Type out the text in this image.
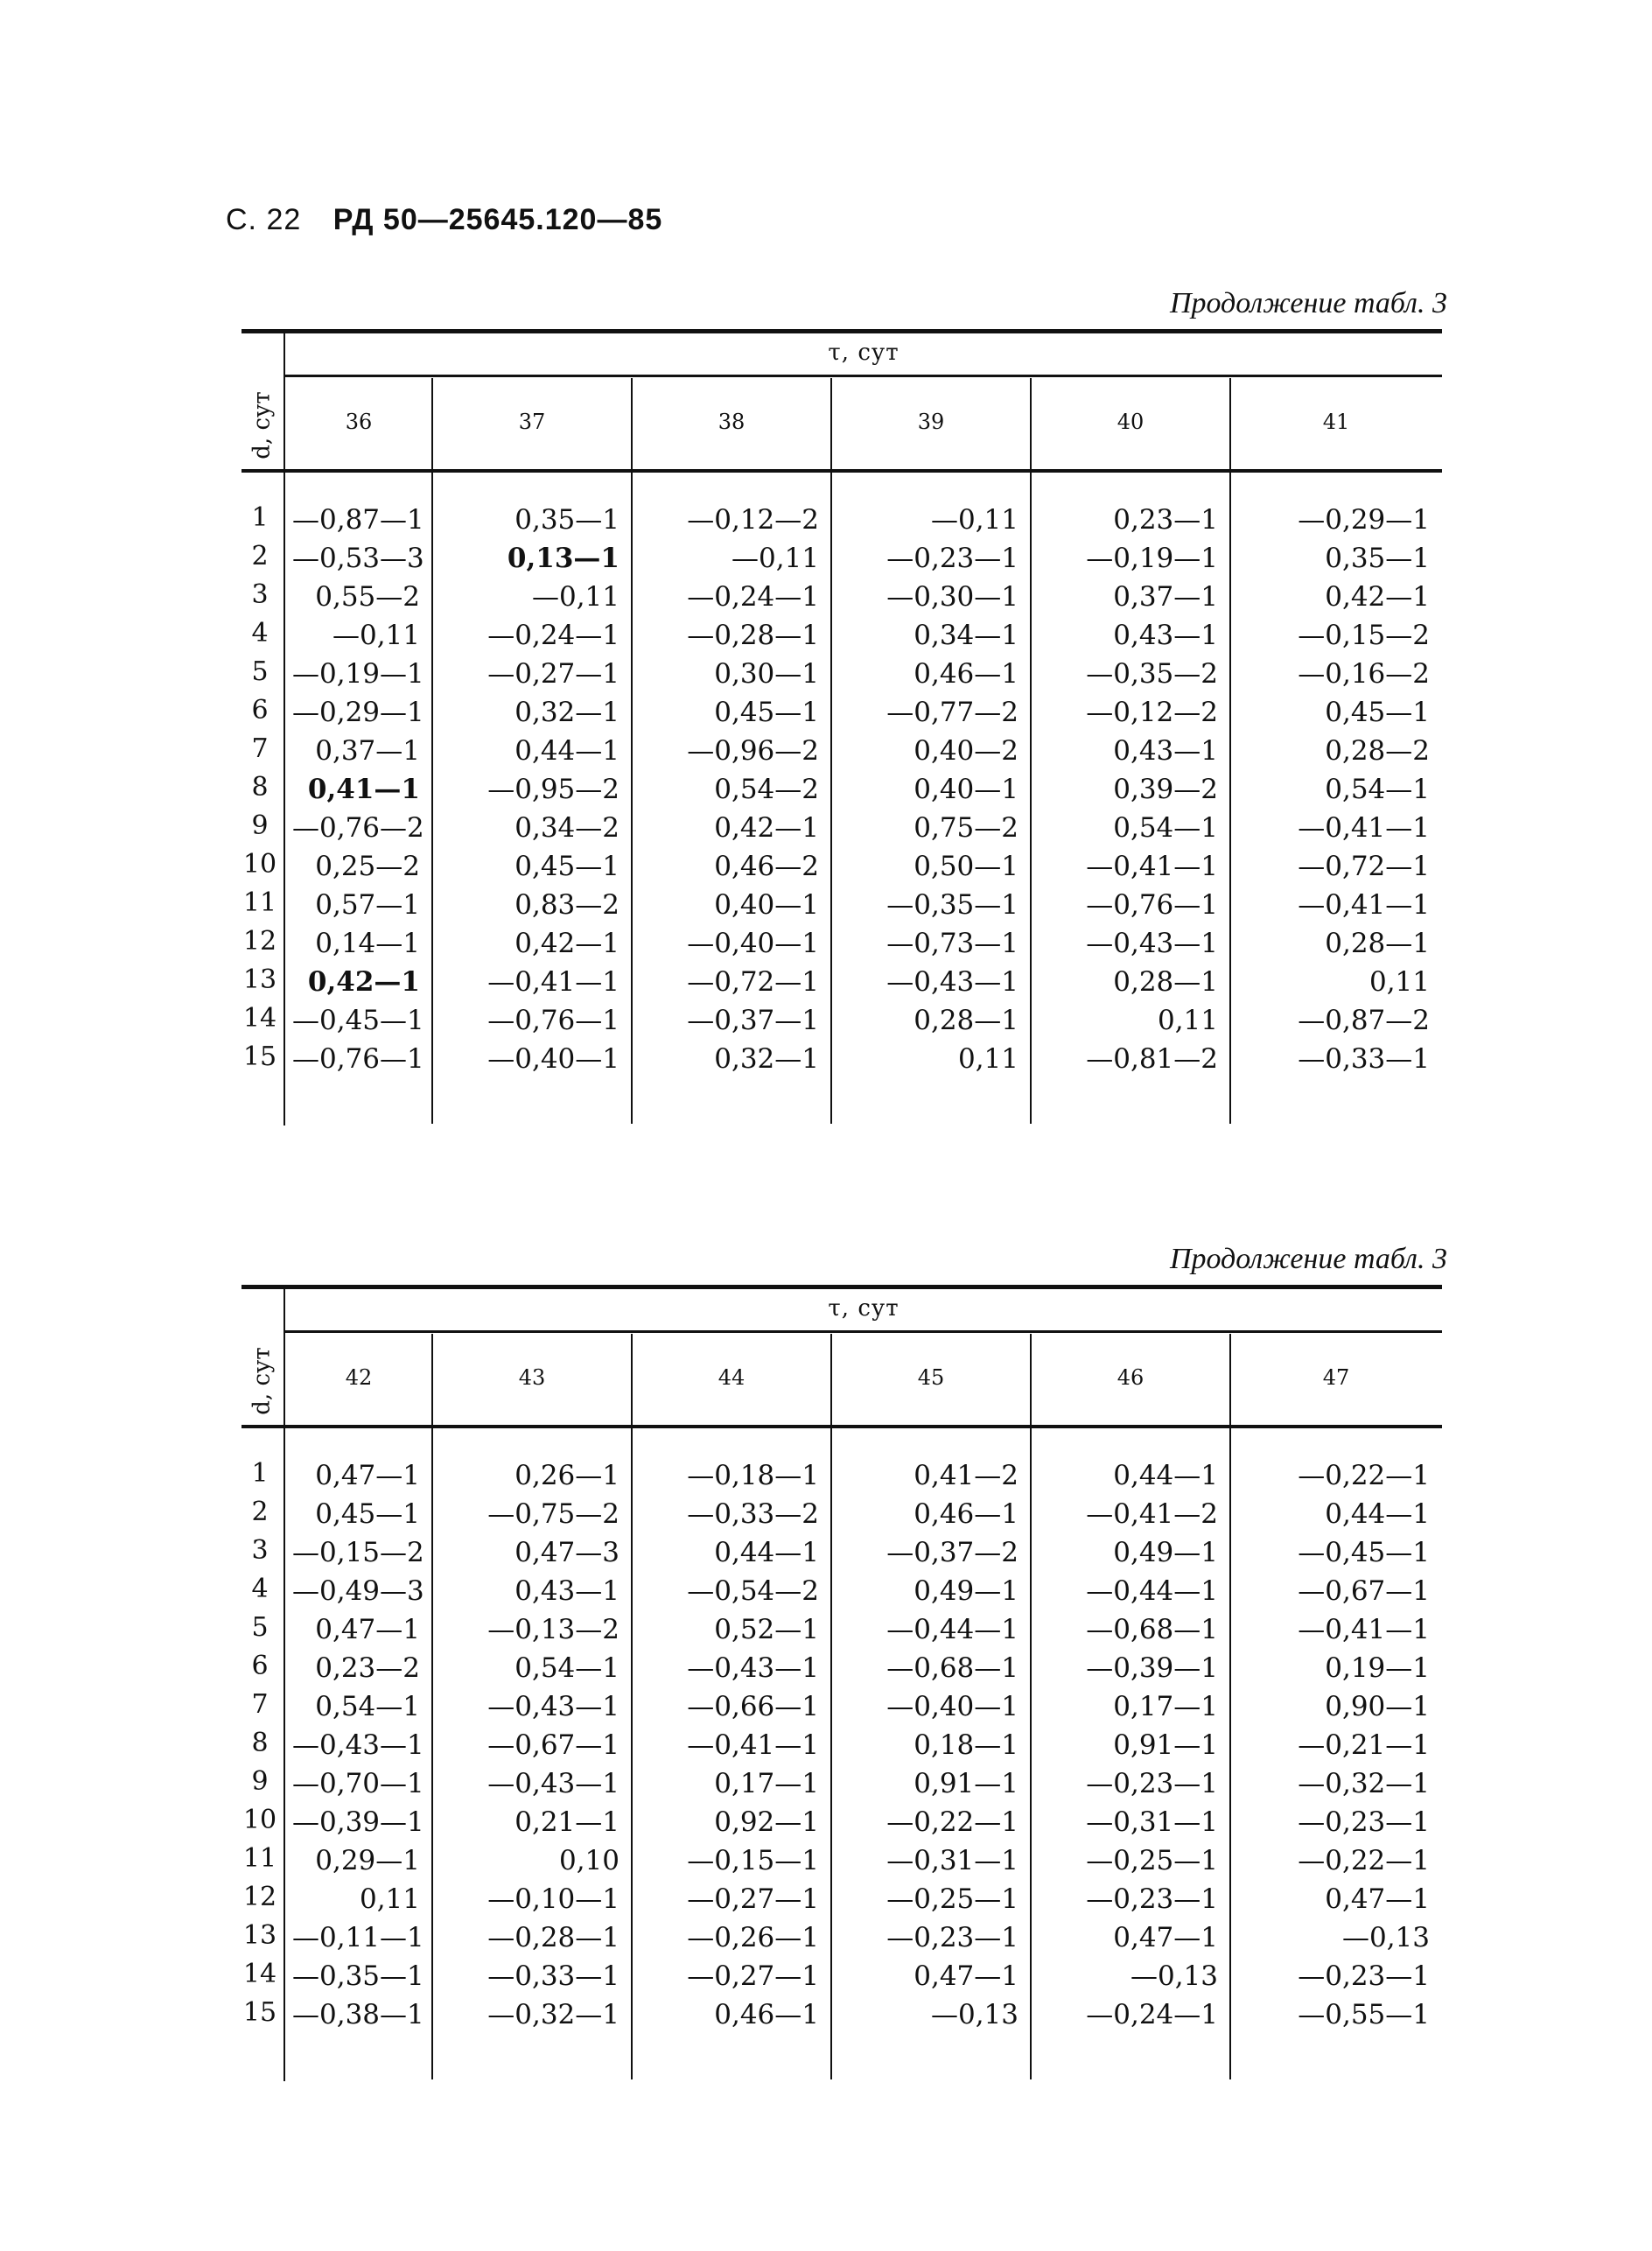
С. 22 РД 50—25645.120—85
Продолжение табл. 3
τ, сут
d, сут	36	37	38	39	40	41
1 —0,87—1	0,35—1	—0,12—2	—0,11	0,23—1	—0,29—1
2 —0,53—3	0,13—1	—0,11	—0,23—1	—0,19—1	0,35—1
3	0,55—2	—0,11	—0,24—1	—0,30—1	0,37—1	0,42—1
4	—0,11	—0,24—1	—0,28—1	0,34—1	0,43—1	—0,15—2
5 —0,19—1	—0,27—1	0,30—1	0,46—1	—0,35—2	—0,16—2
6 —0,29—1	0,32—1	0,45—1	—0,77—2	—0,12—2	0,45—1
7	0,37—1	0,44—1	—0,96—2	0,40—2	0,43—1	0,28—2
8	0,41—1	—0,95—2	0,54—2	0,40—1	0,39—2	0,54—1
9 —0,76—2	0,34—2	0,42—1	0,75—2	0,54—1	—0,41—1
10	0,25—2	0,45—1	0,46—2	0,50—1	—0,41—1	—0,72—1
11	0,57—1	0,83—2	0,40—1	—0,35—1	—0,76—1	—0,41—1
12	0,14—1	0,42—1	—0,40—1	—0,73—1	—0,43—1	0,28—1
13	0,42—1	—0,41—1	—0,72—1	—0,43—1	0,28—1	0,11
14 —0,45—1	—0,76—1	—0,37—1	0,28—1	0,11	—0,87—2
15 —0,76—1	—0,40—1	0,32—1	0,11	—0,81—2	—0,33—1
Продолжение табл. 3
τ, сут
d, сут	42	43	44	45	46	47
1	0,47—1	0,26—1	—0,18—1	0,41—2	0,44—1	—0,22—1
2	0,45—1	—0,75—2	—0,33—2	0,46—1	—0,41—2	0,44—1
3 —0,15—2	0,47—3	0,44—1	—0,37—2	0,49—1	—0,45—1
4 —0,49—3	0,43—1	—0,54—2	0,49—1	—0,44—1	—0,67—1
5	0,47—1	—0,13—2	0,52—1	—0,44—1	—0,68—1	—0,41—1
6	0,23—2	0,54—1	—0,43—1	—0,68—1	—0,39—1	0,19—1
7	0,54—1	—0,43—1	—0,66—1	—0,40—1	0,17—1	0,90—1
8 —0,43—1	—0,67—1	—0,41—1	0,18—1	0,91—1	—0,21—1
9 —0,70—1	—0,43—1	0,17—1	0,91—1	—0,23—1	—0,32—1
10 —0,39—1	0,21—1	0,92—1	—0,22—1	—0,31—1	—0,23—1
11	0,29—1	0,10	—0,15—1	—0,31—1	—0,25—1	—0,22—1
12	0,11	—0,10—1	—0,27—1	—0,25—1	—0,23—1	0,47—1
13 —0,11—1	—0,28—1	—0,26—1	—0,23—1	0,47—1	—0,13
14 —0,35—1	—0,33—1	—0,27—1	0,47—1	—0,13	—0,23—1
15 —0,38—1	—0,32—1	0,46—1	—0,13	—0,24—1	—0,55—1
